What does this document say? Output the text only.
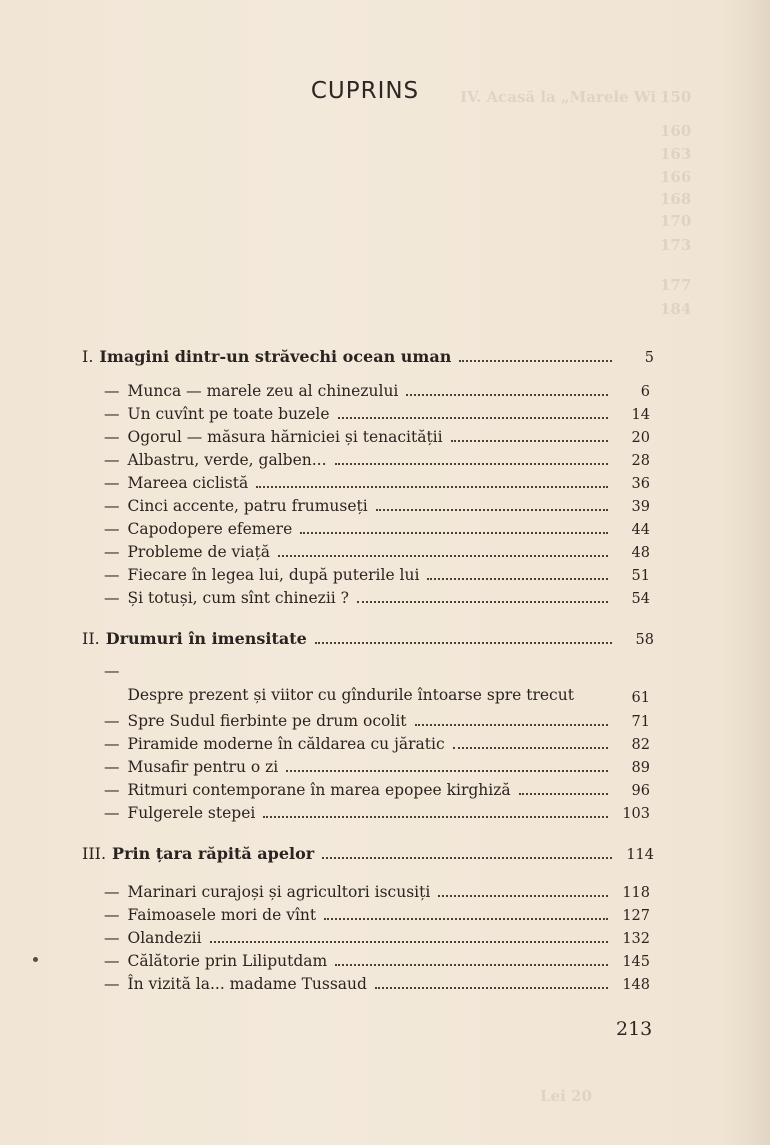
IV. Acasă la „Marele Wi 150
160
163
166
168
170
173
177
184
Lei 20
CUPRINS
I. Imagini dintr-un străvechi ocean uman	5
— Munca — marele zeu al chinezului	6
— Un cuvînt pe toate buzele	14
— Ogorul — măsura hărniciei și tenacității	20
— Albastru, verde, galben...	28
— Mareea ciclistă	36
— Cinci accente, patru frumuseți	39
— Capodopere efemere	44
— Probleme de viață	48
— Fiecare în legea lui, după puterile lui	51
— Și totuși, cum sînt chinezii ?	54
II. Drumuri în imensitate	58
—
Despre prezent și viitor cu gîndurile întoarse spre trecut	61
— Spre Sudul fierbinte pe drum ocolit	71
— Piramide moderne în căldarea cu jăratic	82
— Musafir pentru o zi	89
— Ritmuri contemporane în marea epopee kirghiză	96
— Fulgerele stepei	103
III. Prin țara răpită apelor	114
— Marinari curajoși și agricultori iscusiți	118
— Faimoasele mori de vînt	127
— Olandezii	132
— Călătorie prin Liliputdam	145
— În vizită la... madame Tussaud	148
213
